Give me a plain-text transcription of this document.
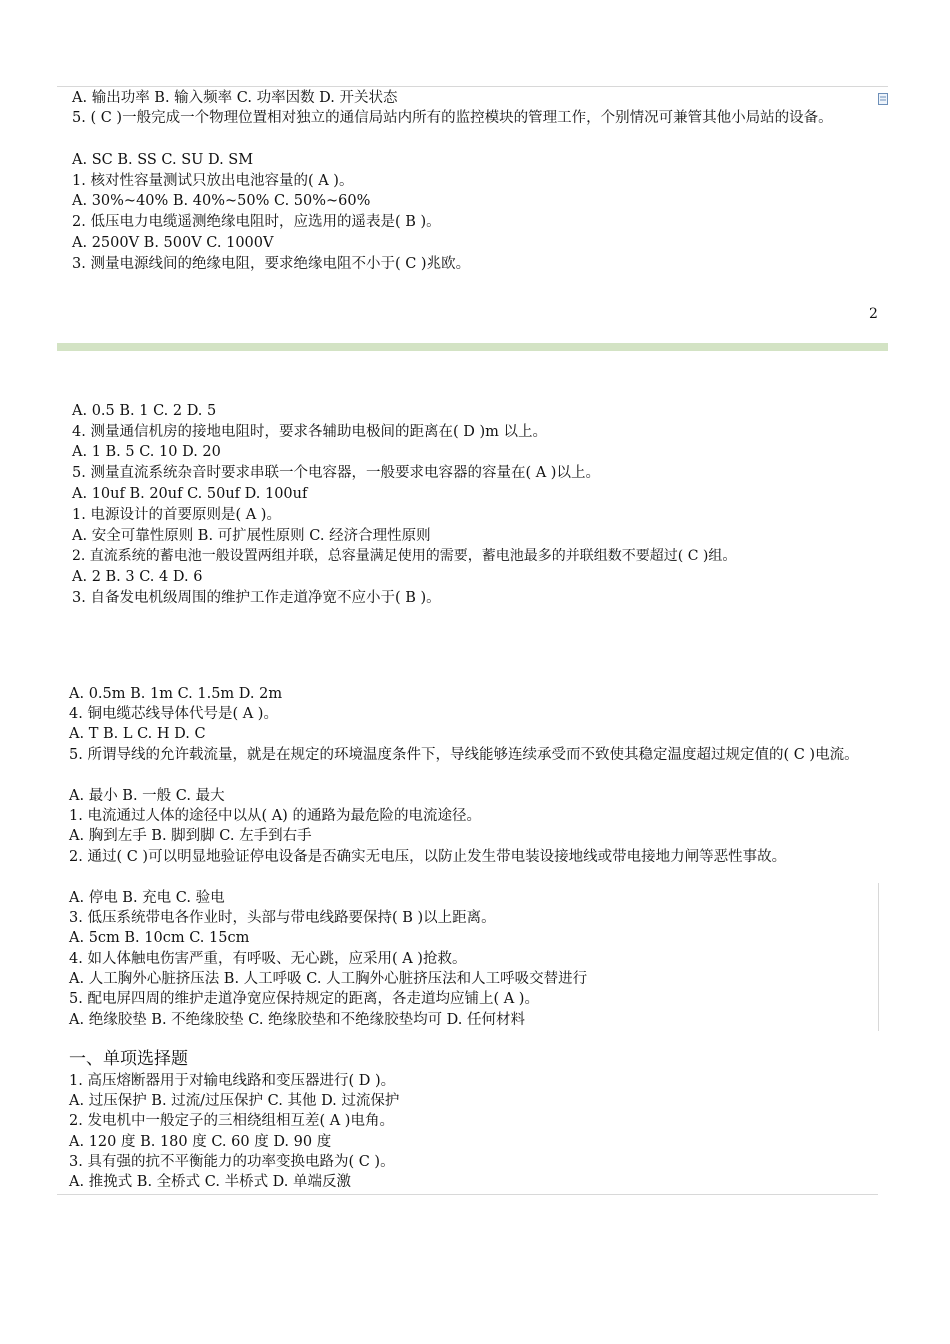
A. 输出功率 B. 输入频率 C. 功率因数 D. 开关状态
5. ( C )一般完成一个物理位置相对独立的通信局站内所有的监控模块的管理工作，个别情况可兼管其他小局站的设备。
A. SC B. SS C. SU D. SM
1. 核对性容量测试只放出电池容量的( A )。
A. 30%~40% B. 40%~50% C. 50%~60%
2. 低压电力电缆遥测绝缘电阻时，应选用的遥表是( B )。
A. 2500V B. 500V C. 1000V
3. 测量电源线间的绝缘电阻，要求绝缘电阻不小于( C )兆欧。
2
A. 0.5 B. 1 C. 2 D. 5
4. 测量通信机房的接地电阻时，要求各辅助电极间的距离在( D )m 以上。
A. 1 B. 5 C. 10 D. 20
5. 测量直流系统杂音时要求串联一个电容器，一般要求电容器的容量在( A )以上。
A. 10uf B. 20uf C. 50uf D. 100uf
1. 电源设计的首要原则是( A )。
A. 安全可靠性原则 B. 可扩展性原则 C. 经济合理性原则
2. 直流系统的蓄电池一般设置两组并联，总容量满足使用的需要，蓄电池最多的并联组数不要超过( C )组。
A. 2 B. 3 C. 4 D. 6
3. 自备发电机级周围的维护工作走道净宽不应小于( B )。
A. 0.5m B. 1m C. 1.5m D. 2m
4. 铜电缆芯线导体代号是( A )。
A. T B. L C. H D. C
5. 所谓导线的允许载流量，就是在规定的环境温度条件下，导线能够连续承受而不致使其稳定温度超过规定值的( C )电流。
A. 最小 B. 一般 C. 最大
1. 电流通过人体的途径中以从( A) 的通路为最危险的电流途径。
A. 胸到左手 B. 脚到脚 C. 左手到右手
2. 通过( C )可以明显地验证停电设备是否确实无电压，以防止发生带电装设接地线或带电接地力闸等恶性事故。
A. 停电 B. 充电 C. 验电
3. 低压系统带电各作业时，头部与带电线路要保持( B )以上距离。
A. 5cm B. 10cm C. 15cm
4. 如人体触电伤害严重，有呼吸、无心跳，应采用( A )抢救。
A. 人工胸外心脏挤压法 B. 人工呼吸 C. 人工胸外心脏挤压法和人工呼吸交替进行
5. 配电屏四周的维护走道净宽应保持规定的距离，各走道均应铺上( A )。
A. 绝缘胶垫 B. 不绝缘胶垫 C. 绝缘胶垫和不绝缘胶垫均可 D. 任何材料
一、单项选择题
1. 高压熔断器用于对输电线路和变压器进行( D )。
A. 过压保护 B. 过流/过压保护 C. 其他 D. 过流保护
2. 发电机中一般定子的三相绕组相互差( A )电角。
A. 120 度 B. 180 度 C. 60 度 D. 90 度
3. 具有强的抗不平衡能力的功率变换电路为( C )。
A. 推挽式 B. 全桥式 C. 半桥式 D. 单端反激
